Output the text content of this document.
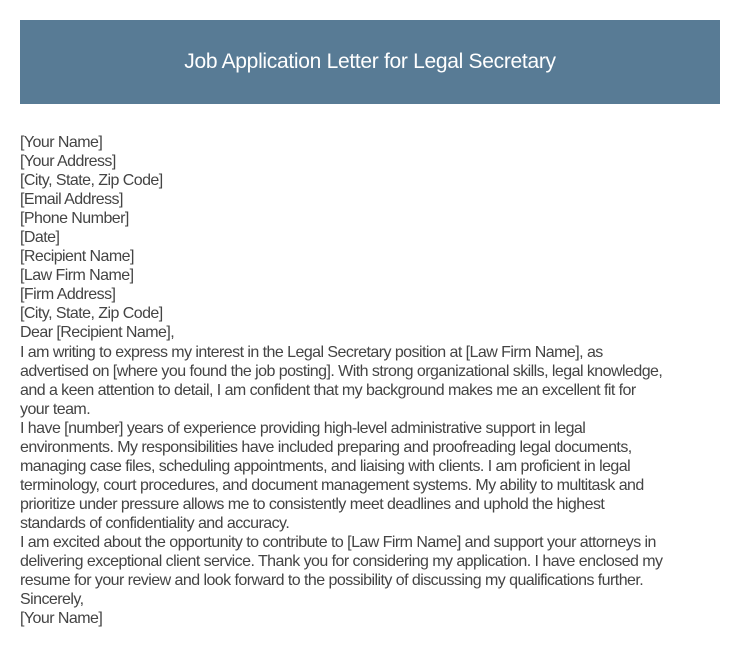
Job Application Letter for Legal Secretary
[Your Name]
[Your Address]
[City, State, Zip Code]
[Email Address]
[Phone Number]
[Date]
[Recipient Name]
[Law Firm Name]
[Firm Address]
[City, State, Zip Code]
Dear [Recipient Name],
I am writing to express my interest in the Legal Secretary position at [Law Firm Name], as
advertised on [where you found the job posting]. With strong organizational skills, legal knowledge,
and a keen attention to detail, I am confident that my background makes me an excellent fit for
your team.
I have [number] years of experience providing high-level administrative support in legal
environments. My responsibilities have included preparing and proofreading legal documents,
managing case files, scheduling appointments, and liaising with clients. I am proficient in legal
terminology, court procedures, and document management systems. My ability to multitask and
prioritize under pressure allows me to consistently meet deadlines and uphold the highest
standards of confidentiality and accuracy.
I am excited about the opportunity to contribute to [Law Firm Name] and support your attorneys in
delivering exceptional client service. Thank you for considering my application. I have enclosed my
resume for your review and look forward to the possibility of discussing my qualifications further.
Sincerely,
[Your Name]
